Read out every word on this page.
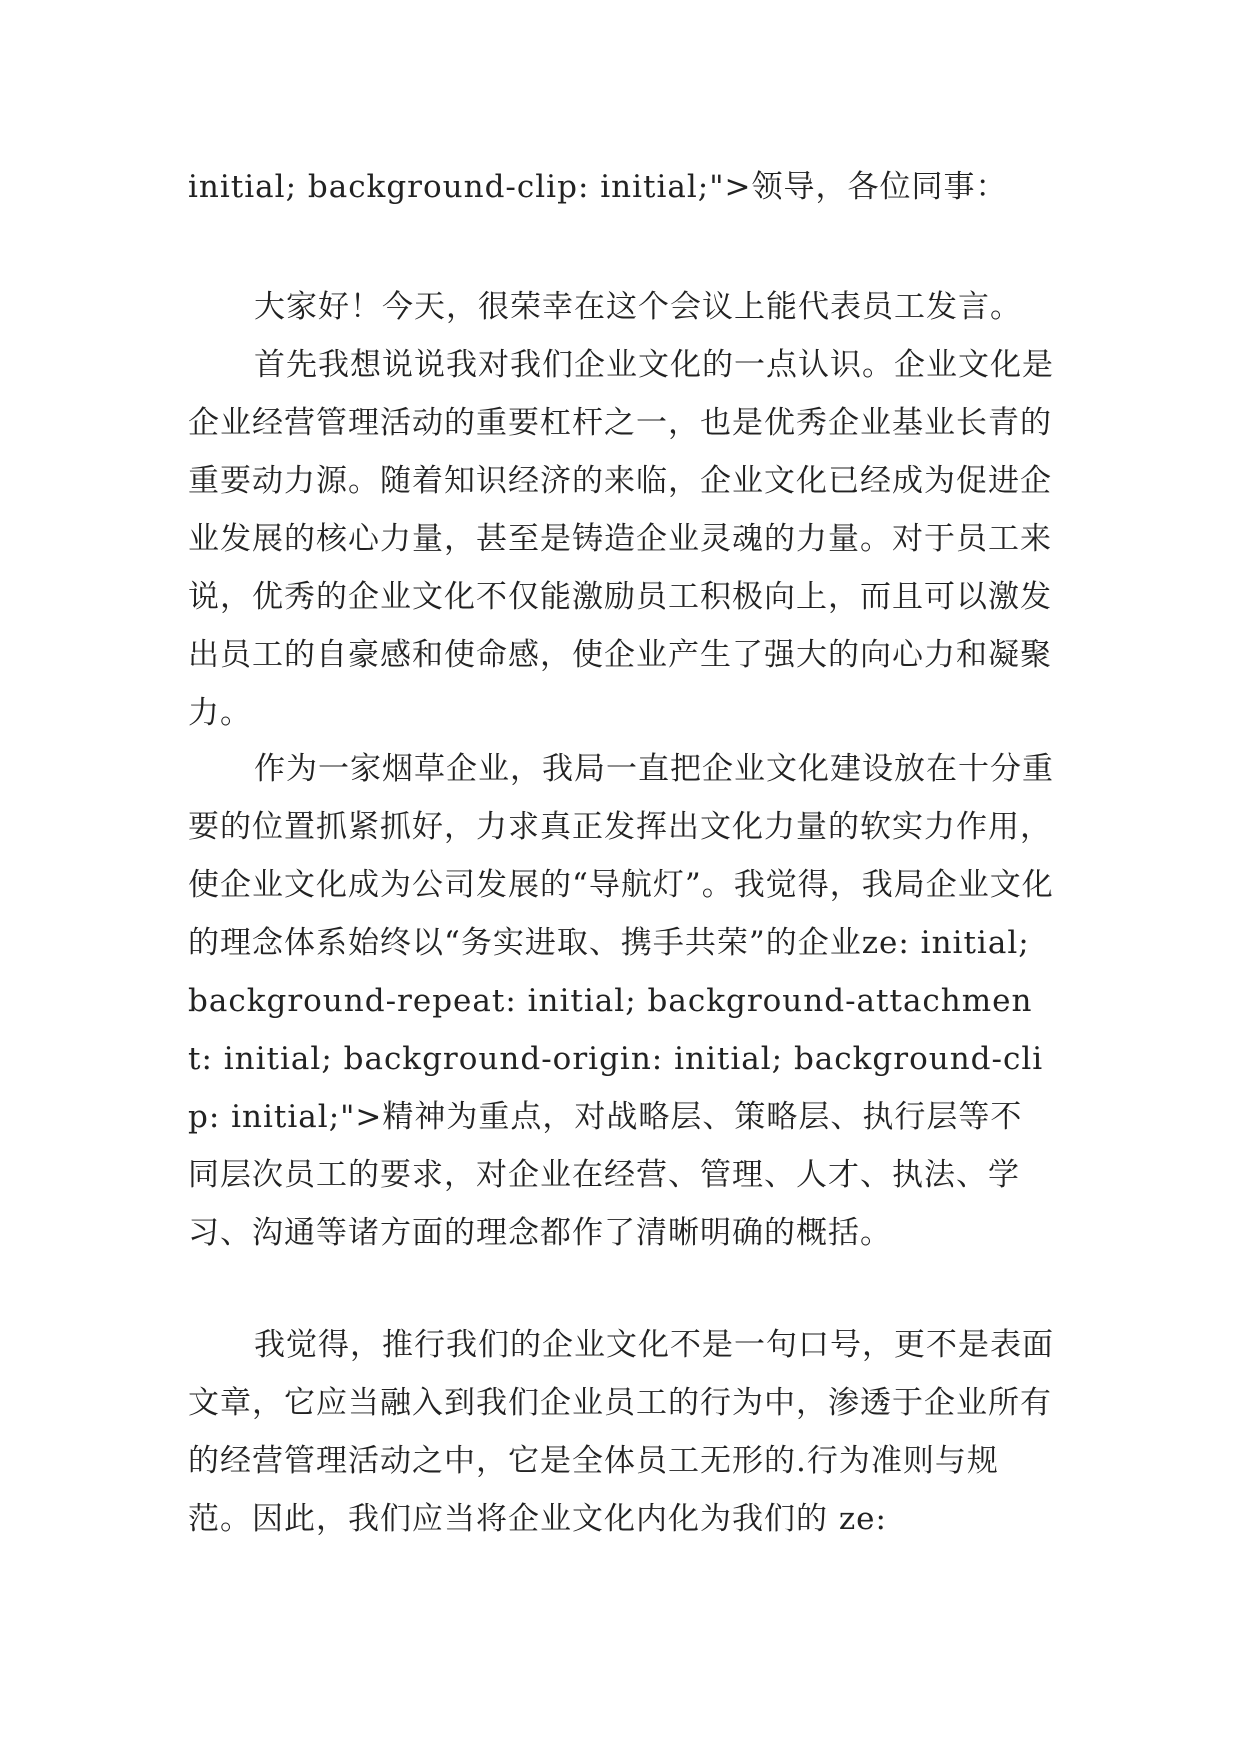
initial; background-clip: initial;">领导，各位同事：
大家好！今天，很荣幸在这个会议上能代表员工发言。
首先我想说说我对我们企业文化的一点认识。企业文化是企业经营管理活动的重要杠杆之一，也是优秀企业基业长青的重要动力源。随着知识经济的来临，企业文化已经成为促进企业发展的核心力量，甚至是铸造企业灵魂的力量。对于员工来说，优秀的企业文化不仅能激励员工积极向上，而且可以激发出员工的自豪感和使命感，使企业产生了强大的向心力和凝聚力。
作为一家烟草企业，我局一直把企业文化建设放在十分重要的位置抓紧抓好，力求真正发挥出文化力量的软实力作用，使企业文化成为公司发展的“导航灯”。我觉得，我局企业文化的理念体系始终以“务实进取、携手共荣”的企业ze: initial; background-repeat: initial; background-attachment: initial; background-origin: initial; background-clip: initial;">精神为重点，对战略层、策略层、执行层等不同层次员工的要求，对企业在经营、管理、人才、执法、学习、沟通等诸方面的理念都作了清晰明确的概括。
我觉得，推行我们的企业文化不是一句口号，更不是表面文章，它应当融入到我们企业员工的行为中，渗透于企业所有的经营管理活动之中，它是全体员工无形的.行为准则与规范。因此，我们应当将企业文化内化为我们的 ze:
